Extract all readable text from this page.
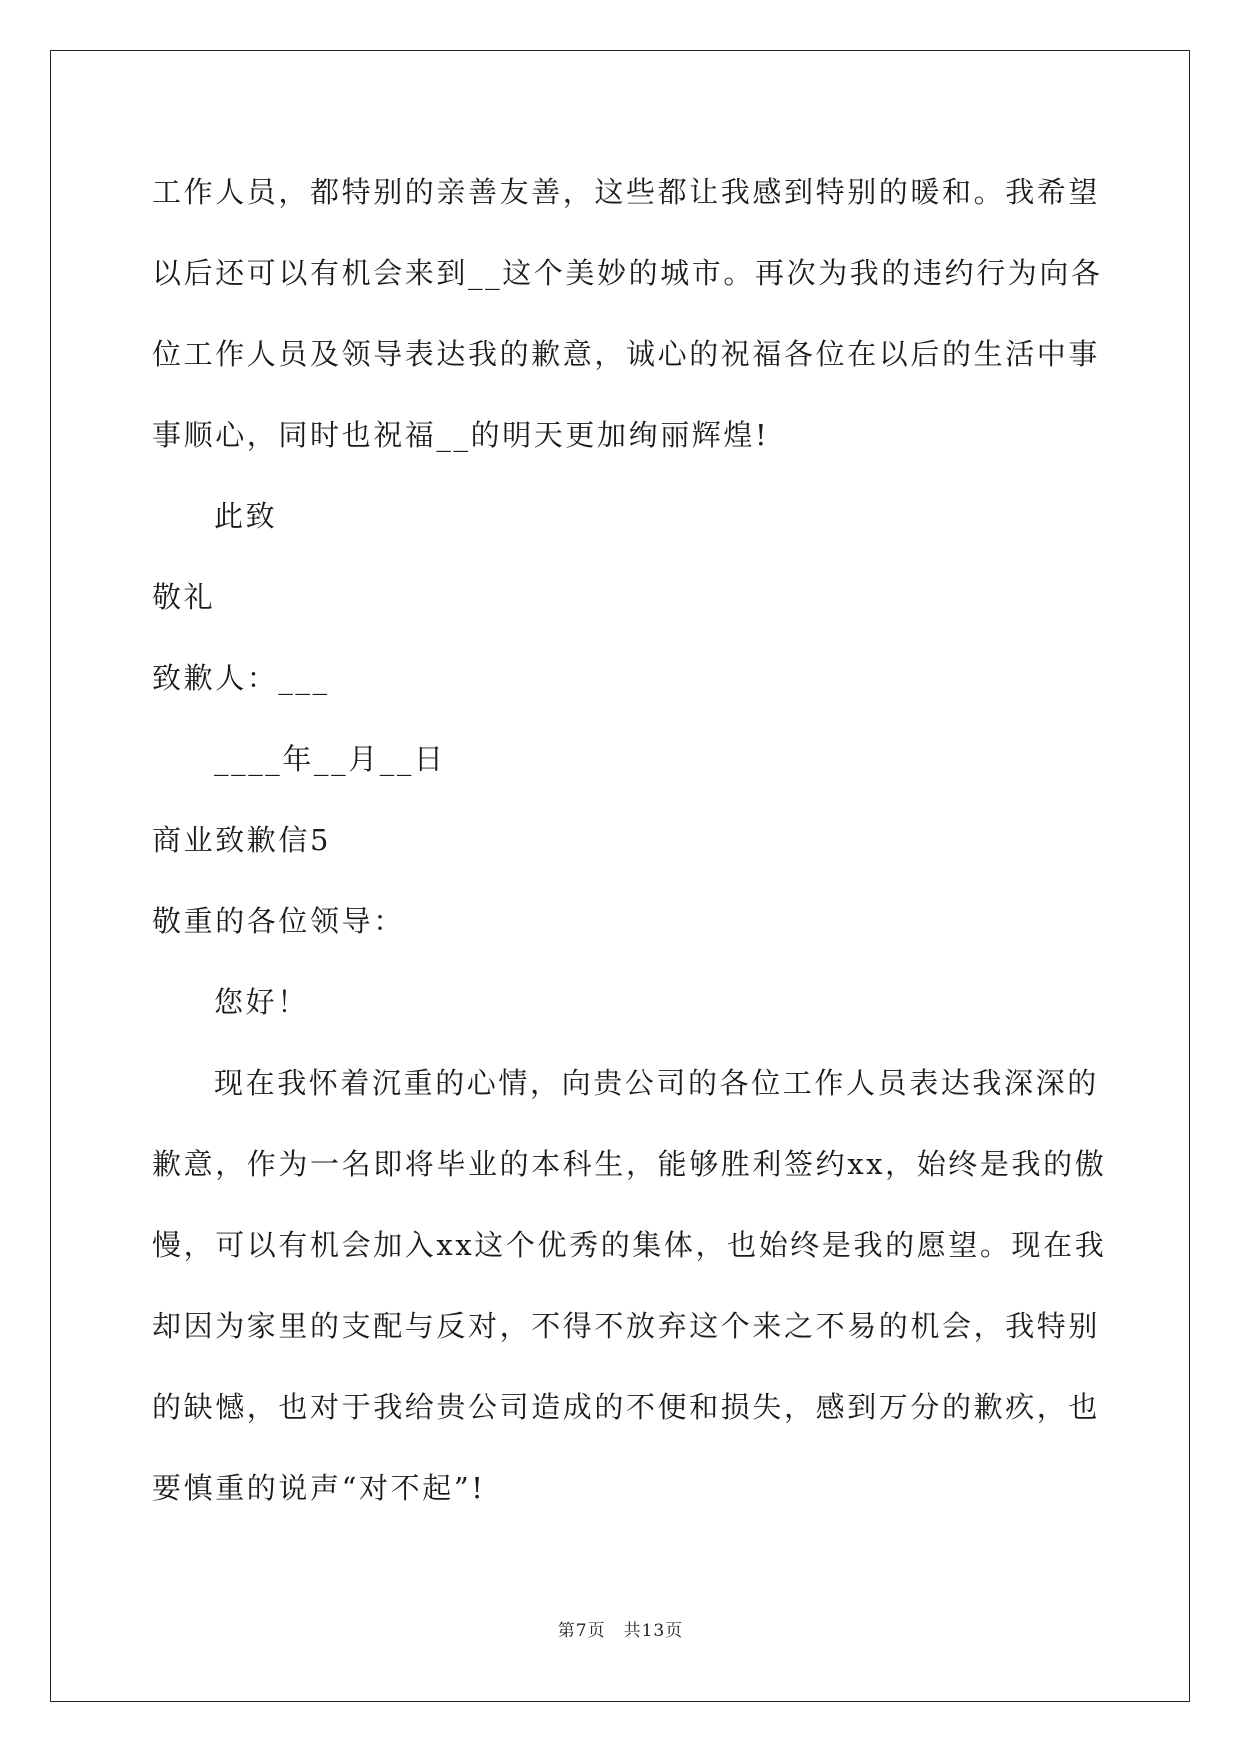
工作人员，都特别的亲善友善，这些都让我感到特别的暖和。我希望
以后还可以有机会来到__这个美妙的城市。再次为我的违约行为向各
位工作人员及领导表达我的歉意，诚心的祝福各位在以后的生活中事
事顺心，同时也祝福__的明天更加绚丽辉煌!
此致
敬礼
致歉人：___
____年__月__日
商业致歉信5
敬重的各位领导：
您好！
现在我怀着沉重的心情，向贵公司的各位工作人员表达我深深的
歉意，作为一名即将毕业的本科生，能够胜利签约xx，始终是我的傲
慢，可以有机会加入xx这个优秀的集体，也始终是我的愿望。现在我
却因为家里的支配与反对，不得不放弃这个来之不易的机会，我特别
的缺憾，也对于我给贵公司造成的不便和损失，感到万分的歉疚，也
要慎重的说声“对不起”!
第7页　共13页
